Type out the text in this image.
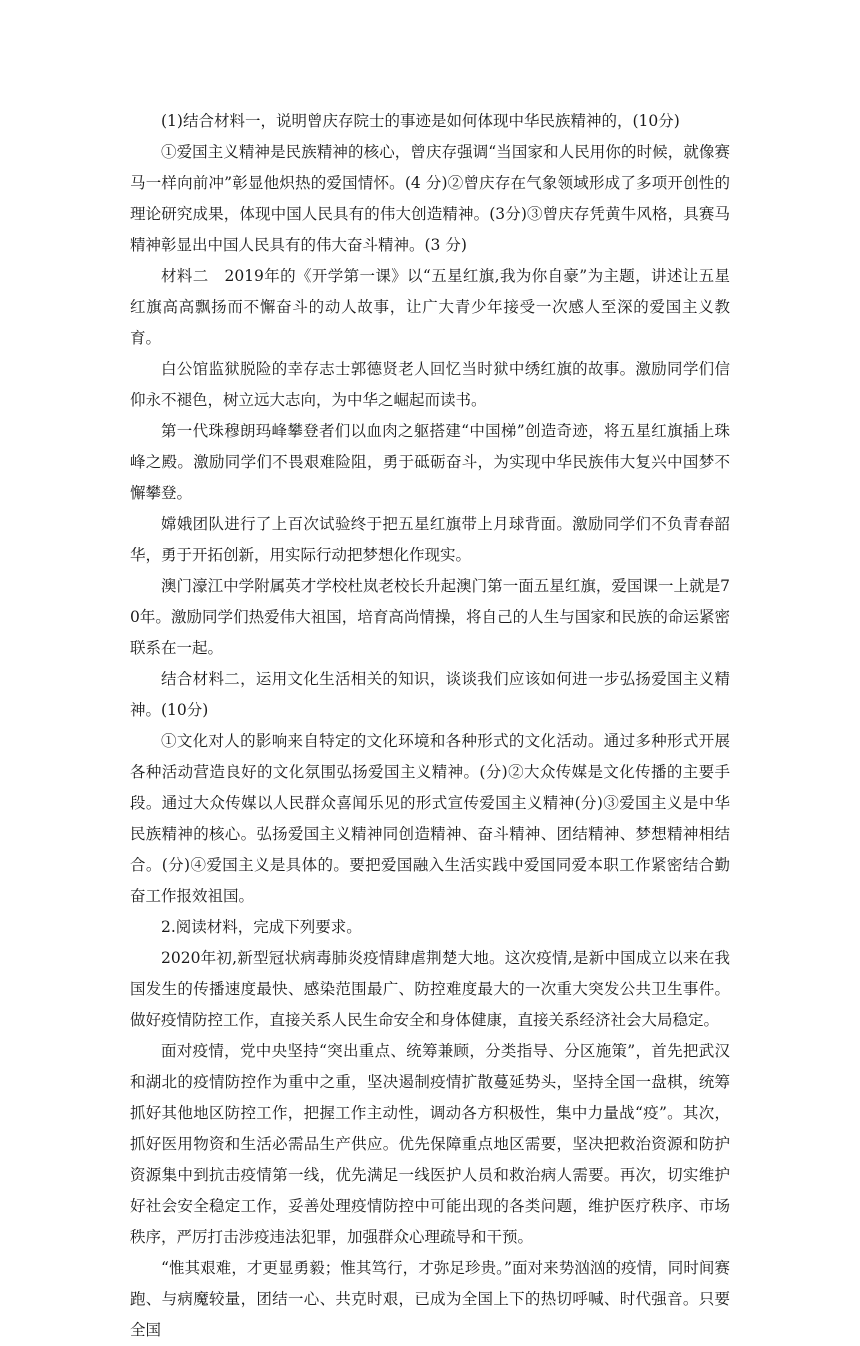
(1)结合材料一，说明曾庆存院士的事迹是如何体现中华民族精神的，(10分)

①爱国主义精神是民族精神的核心，曾庆存强调“当国家和人民用你的时候，就像赛马一样向前冲”彰显他炽热的爱国情怀。(4 分)②曾庆存在气象领域形成了多项开创性的理论研究成果，体现中国人民具有的伟大创造精神。(3分)③曾庆存凭黄牛风格，具赛马精神彰显出中国人民具有的伟大奋斗精神。(3 分)

材料二　2019年的《开学第一课》以“五星红旗,我为你自豪”为主题，讲述让五星红旗高高飘扬而不懈奋斗的动人故事，让广大青少年接受一次感人至深的爱国主义教育。

白公馆监狱脱险的幸存志士郭德贤老人回忆当时狱中绣红旗的故事。激励同学们信仰永不褪色，树立远大志向，为中华之崛起而读书。

第一代珠穆朗玛峰攀登者们以血肉之躯搭建“中国梯”创造奇迹，将五星红旗插上珠峰之殿。激励同学们不畏艰难险阻，勇于砥砺奋斗，为实现中华民族伟大复兴中国梦不懈攀登。

嫦娥团队进行了上百次试验终于把五星红旗带上月球背面。激励同学们不负青春韶华，勇于开拓创新，用实际行动把梦想化作现实。

澳门濠江中学附属英才学校杜岚老校长升起澳门第一面五星红旗，爱国课一上就是70年。激励同学们热爱伟大祖国，培育高尚情操，将自己的人生与国家和民族的命运紧密联系在一起。

结合材料二，运用文化生活相关的知识，谈谈我们应该如何进一步弘扬爱国主义精神。(10分)

①文化对人的影响来自特定的文化环境和各种形式的文化活动。通过多种形式开展各种活动营造良好的文化氛围弘扬爱国主义精神。(分)②大众传媒是文化传播的主要手段。通过大众传媒以人民群众喜闻乐见的形式宣传爱国主义精神(分)③爱国主义是中华民族精神的核心。弘扬爱国主义精神同创造精神、奋斗精神、团结精神、梦想精神相结合。(分)④爱国主义是具体的。要把爱国融入生活实践中爱国同爱本职工作紧密结合勤奋工作报效祖国。

2.阅读材料，完成下列要求。

2020年初,新型冠状病毒肺炎疫情肆虐荆楚大地。这次疫情,是新中国成立以来在我国发生的传播速度最快、感染范围最广、防控难度最大的一次重大突发公共卫生事件。做好疫情防控工作，直接关系人民生命安全和身体健康，直接关系经济社会大局稳定。

面对疫情，党中央坚持“突出重点、统筹兼顾，分类指导、分区施策”，首先把武汉和湖北的疫情防控作为重中之重，坚决遏制疫情扩散蔓延势头，坚持全国一盘棋，统筹抓好其他地区防控工作，把握工作主动性，调动各方积极性，集中力量战“疫”。其次，抓好医用物资和生活必需品生产供应。优先保障重点地区需要，坚决把救治资源和防护资源集中到抗击疫情第一线，优先满足一线医护人员和救治病人需要。再次，切实维护好社会安全稳定工作，妥善处理疫情防控中可能出现的各类问题，维护医疗秩序、市场秩序，严厉打击涉疫违法犯罪，加强群众心理疏导和干预。

“惟其艰难，才更显勇毅；惟其笃行，才弥足珍贵。”面对来势汹汹的疫情，同时间赛跑、与病魔较量，团结一心、共克时艰，已成为全国上下的热切呼喊、时代强音。只要全国
